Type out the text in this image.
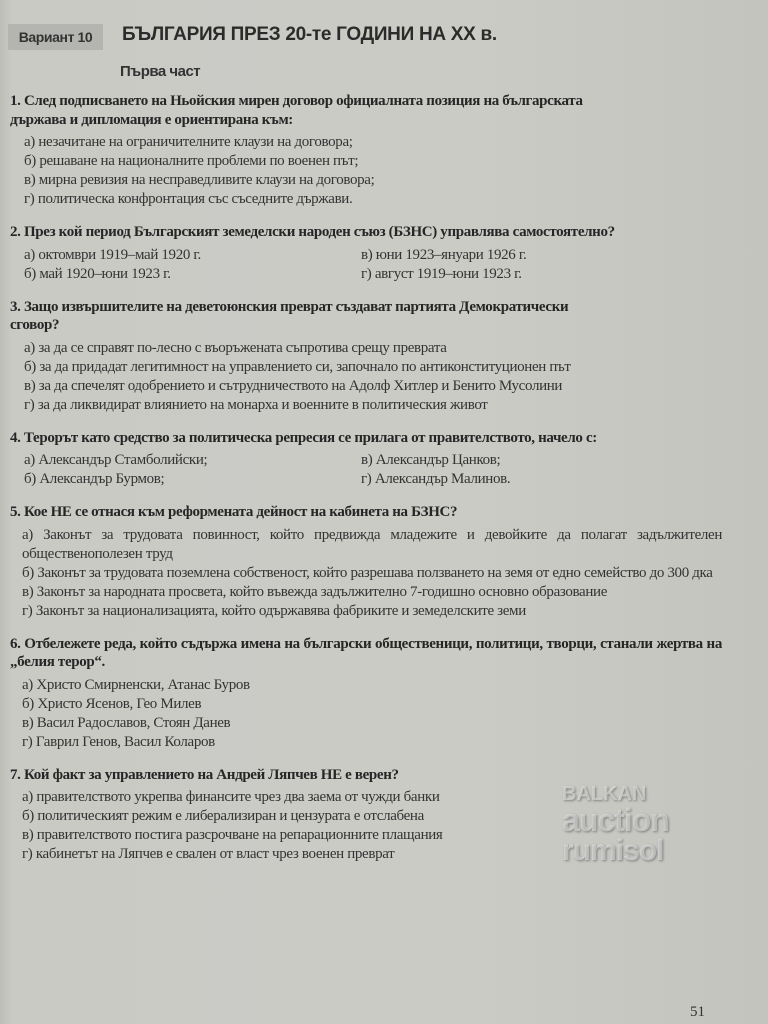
Вариант 10	БЪЛГАРИЯ ПРЕЗ 20-те ГОДИНИ НА XX в.
Първа част
1. След подписването на Ньойския мирен договор официалната позиция на българската държава и дипломация е ориентирана към:
а) незачитане на ограничителните клаузи на договора;
б) решаване на националните проблеми по военен път;
в) мирна ревизия на несправедливите клаузи на договора;
г) политическа конфронтация със съседните държави.
2. През кой период Българският земеделски народен съюз (БЗНС) управлява самостоятелно?
а) октомври 1919–май 1920 г.	в) юни 1923–януари 1926 г.
б) май 1920–юни 1923 г.	г) август 1919–юни 1923 г.
3. Защо извършителите на деветоюнския преврат създават партията Демократически сговор?
а) за да се справят по-лесно с въоръжената съпротива срещу преврата
б) за да придадат легитимност на управлението си, започнало по антиконституционен път
в) за да спечелят одобрението и сътрудничеството на Адолф Хитлер и Бенито Мусолини
г) за да ликвидират влиянието на монарха и военните в политическия живот
4. Терорът като средство за политическа репресия се прилага от правителството, начело с:
а) Александър Стамболийски;	в) Александър Цанков;
б) Александър Бурмов;	г) Александър Малинов.
5. Кое НЕ се отнася към реформената дейност на кабинета на БЗНС?
а) Законът за трудовата повинност, който предвижда младежите и девойките да полагат задължителен общественополезен труд
б) Законът за трудовата поземлена собственост, който разрешава ползването на земя от едно семейство до 300 дка
в) Законът за народната просвета, който въвежда задължително 7-годишно основно образование
г) Законът за национализацията, който одържавява фабриките и земеделските земи
6. Отбележете реда, който съдържа имена на български общественици, политици, творци, станали жертва на „белия терор“.
а) Христо Смирненски, Атанас Буров
б) Христо Ясенов, Гео Милев
в) Васил Радославов, Стоян Данев
г) Гаврил Генов, Васил Коларов
7. Кой факт за управлението на Андрей Ляпчев НЕ е верен?
а) правителството укрепва финансите чрез два заема от чужди банки
б) политическият режим е либерализиран и цензурата е отслабена
в) правителството постига разсрочване на репарационните плащания
г) кабинетът на Ляпчев е свален от власт чрез военен преврат
BALKAN
auction
rumisol
51
